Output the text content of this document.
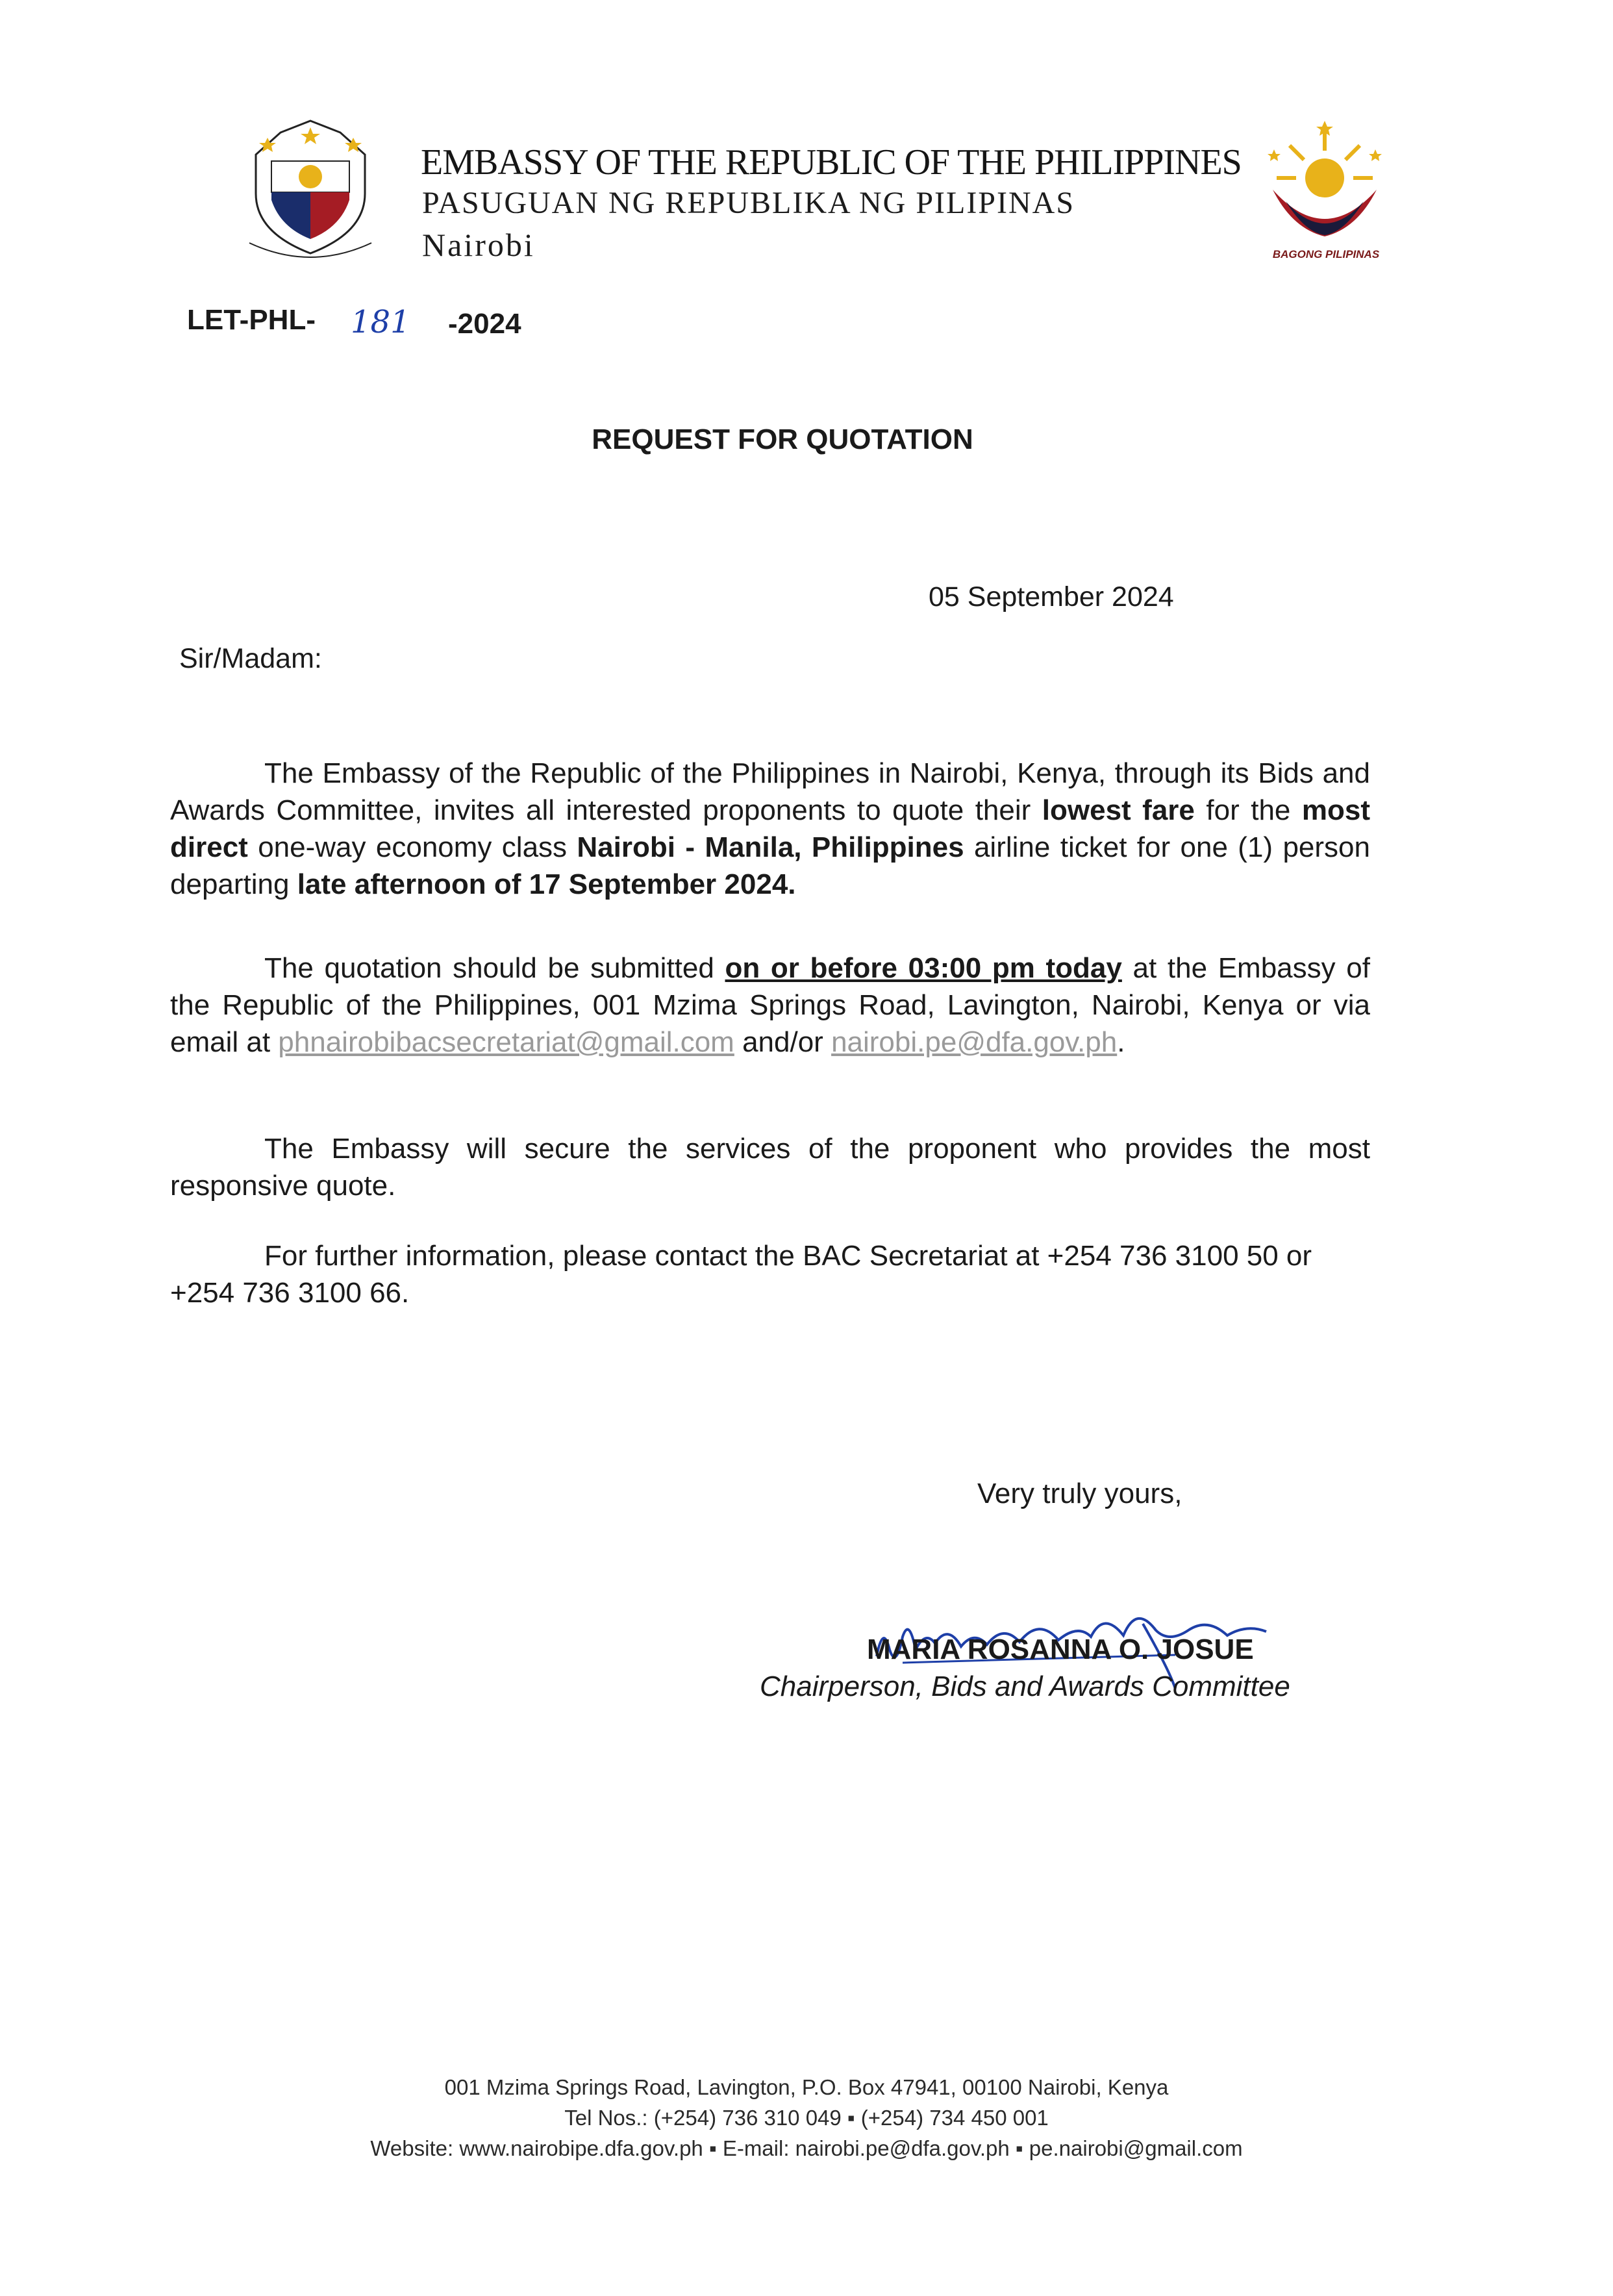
EMBASSY OF THE REPUBLIC OF THE PHILIPPINES
PASUGUAN NG REPUBLIKA NG PILIPINAS
Nairobi	BAGONG PILIPINAS
LET-PHL- 181 -2024
REQUEST FOR QUOTATION
05 September 2024
Sir/Madam:

The Embassy of the Republic of the Philippines in Nairobi, Kenya, through its Bids and Awards Committee, invites all interested proponents to quote their lowest fare for the most direct one-way economy class Nairobi - Manila, Philippines airline ticket for one (1) person departing late afternoon of 17 September 2024.

The quotation should be submitted on or before 03:00 pm today at the Embassy of the Republic of the Philippines, 001 Mzima Springs Road, Lavington, Nairobi, Kenya or via email at phnairobibacsecretariat@gmail.com and/or nairobi.pe@dfa.gov.ph.

The Embassy will secure the services of the proponent who provides the most responsive quote.

For further information, please contact the BAC Secretariat at +254 736 3100 50 or +254 736 3100 66.

Very truly yours,
MARIA ROSANNA O. JOSUE
Chairperson, Bids and Awards Committee
001 Mzima Springs Road, Lavington, P.O. Box 47941, 00100 Nairobi, Kenya
Tel Nos.: (+254) 736 310 049 ▪ (+254) 734 450 001
Website: www.nairobipe.dfa.gov.ph ▪ E-mail: nairobi.pe@dfa.gov.ph ▪ pe.nairobi@gmail.com
